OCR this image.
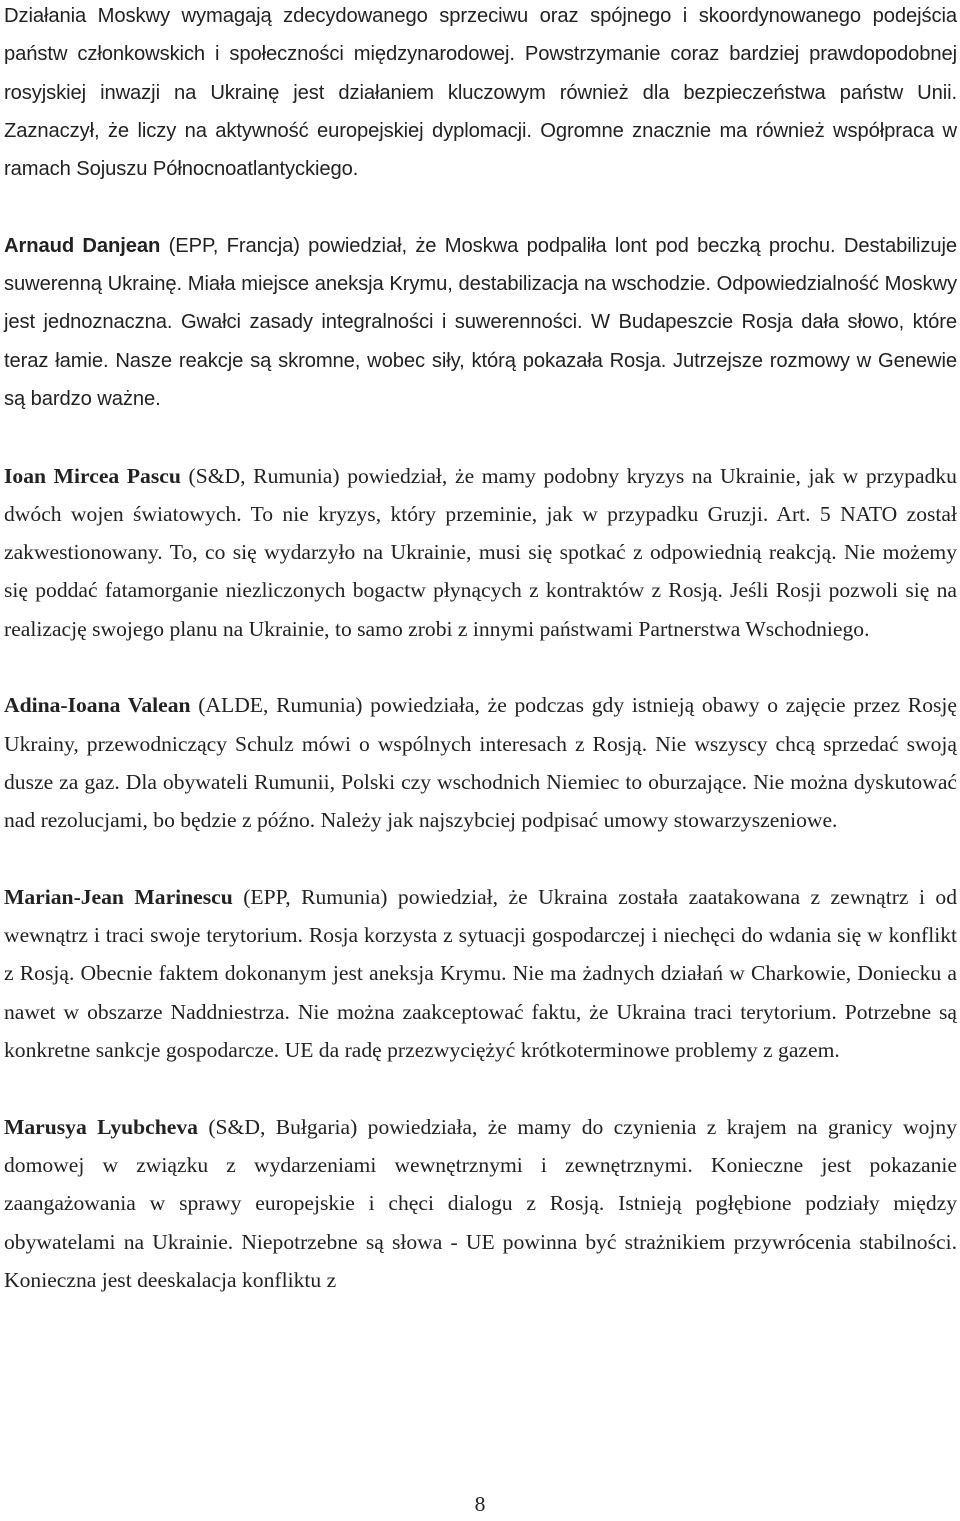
Działania Moskwy wymagają zdecydowanego sprzeciwu oraz spójnego i skoordynowanego podejścia państw członkowskich i społeczności międzynarodowej. Powstrzymanie coraz bardziej prawdopodobnej rosyjskiej inwazji na Ukrainę jest działaniem kluczowym również dla bezpieczeństwa państw Unii. Zaznaczył, że liczy na aktywność europejskiej dyplomacji. Ogromne znacznie ma również współpraca w ramach Sojuszu Północnoatlantyckiego.

Arnaud Danjean (EPP, Francja) powiedział, że Moskwa podpaliła lont pod beczką prochu. Destabilizuje suwerenną Ukrainę. Miała miejsce aneksja Krymu, destabilizacja na wschodzie. Odpowiedzialność Moskwy jest jednoznaczna. Gwałci zasady integralności i suwerenności. W Budapeszcie Rosja dała słowo, które teraz łamie. Nasze reakcje są skromne, wobec siły, którą pokazała Rosja. Jutrzejsze rozmowy w Genewie są bardzo ważne.

Ioan Mircea Pascu (S&D, Rumunia) powiedział, że mamy podobny kryzys na Ukrainie, jak w przypadku dwóch wojen światowych. To nie kryzys, który przeminie, jak w przypadku Gruzji. Art. 5 NATO został zakwestionowany. To, co się wydarzyło na Ukrainie, musi się spotkać z odpowiednią reakcją. Nie możemy się poddać fatamorganie niezliczonych bogactw płynących z kontraktów z Rosją. Jeśli Rosji pozwoli się na realizację swojego planu na Ukrainie, to samo zrobi z innymi państwami Partnerstwa Wschodniego.

Adina-Ioana Valean (ALDE, Rumunia) powiedziała, że podczas gdy istnieją obawy o zajęcie przez Rosję Ukrainy, przewodniczący Schulz mówi o wspólnych interesach z Rosją. Nie wszyscy chcą sprzedać swoją dusze za gaz. Dla obywateli Rumunii, Polski czy wschodnich Niemiec to oburzające. Nie można dyskutować nad rezolucjami, bo będzie z późno. Należy jak najszybciej podpisać umowy stowarzyszeniowe.

Marian-Jean Marinescu (EPP, Rumunia) powiedział, że Ukraina została zaatakowana z zewnątrz i od wewnątrz i traci swoje terytorium. Rosja korzysta z sytuacji gospodarczej i niechęci do wdania się w konflikt z Rosją. Obecnie faktem dokonanym jest aneksja Krymu. Nie ma żadnych działań w Charkowie, Doniecku a nawet w obszarze Naddniestrza. Nie można zaakceptować faktu, że Ukraina traci terytorium. Potrzebne są konkretne sankcje gospodarcze. UE da radę przezwyciężyć krótkoterminowe problemy z gazem.

Marusya Lyubcheva (S&D, Bułgaria) powiedziała, że mamy do czynienia z krajem na granicy wojny domowej w związku z wydarzeniami wewnętrznymi i zewnętrznymi. Konieczne jest pokazanie zaangażowania w sprawy europejskie i chęci dialogu z Rosją. Istnieją pogłębione podziały między obywatelami na Ukrainie. Niepotrzebne są słowa - UE powinna być strażnikiem przywrócenia stabilności. Konieczna jest deeskalacja konfliktu z

8
